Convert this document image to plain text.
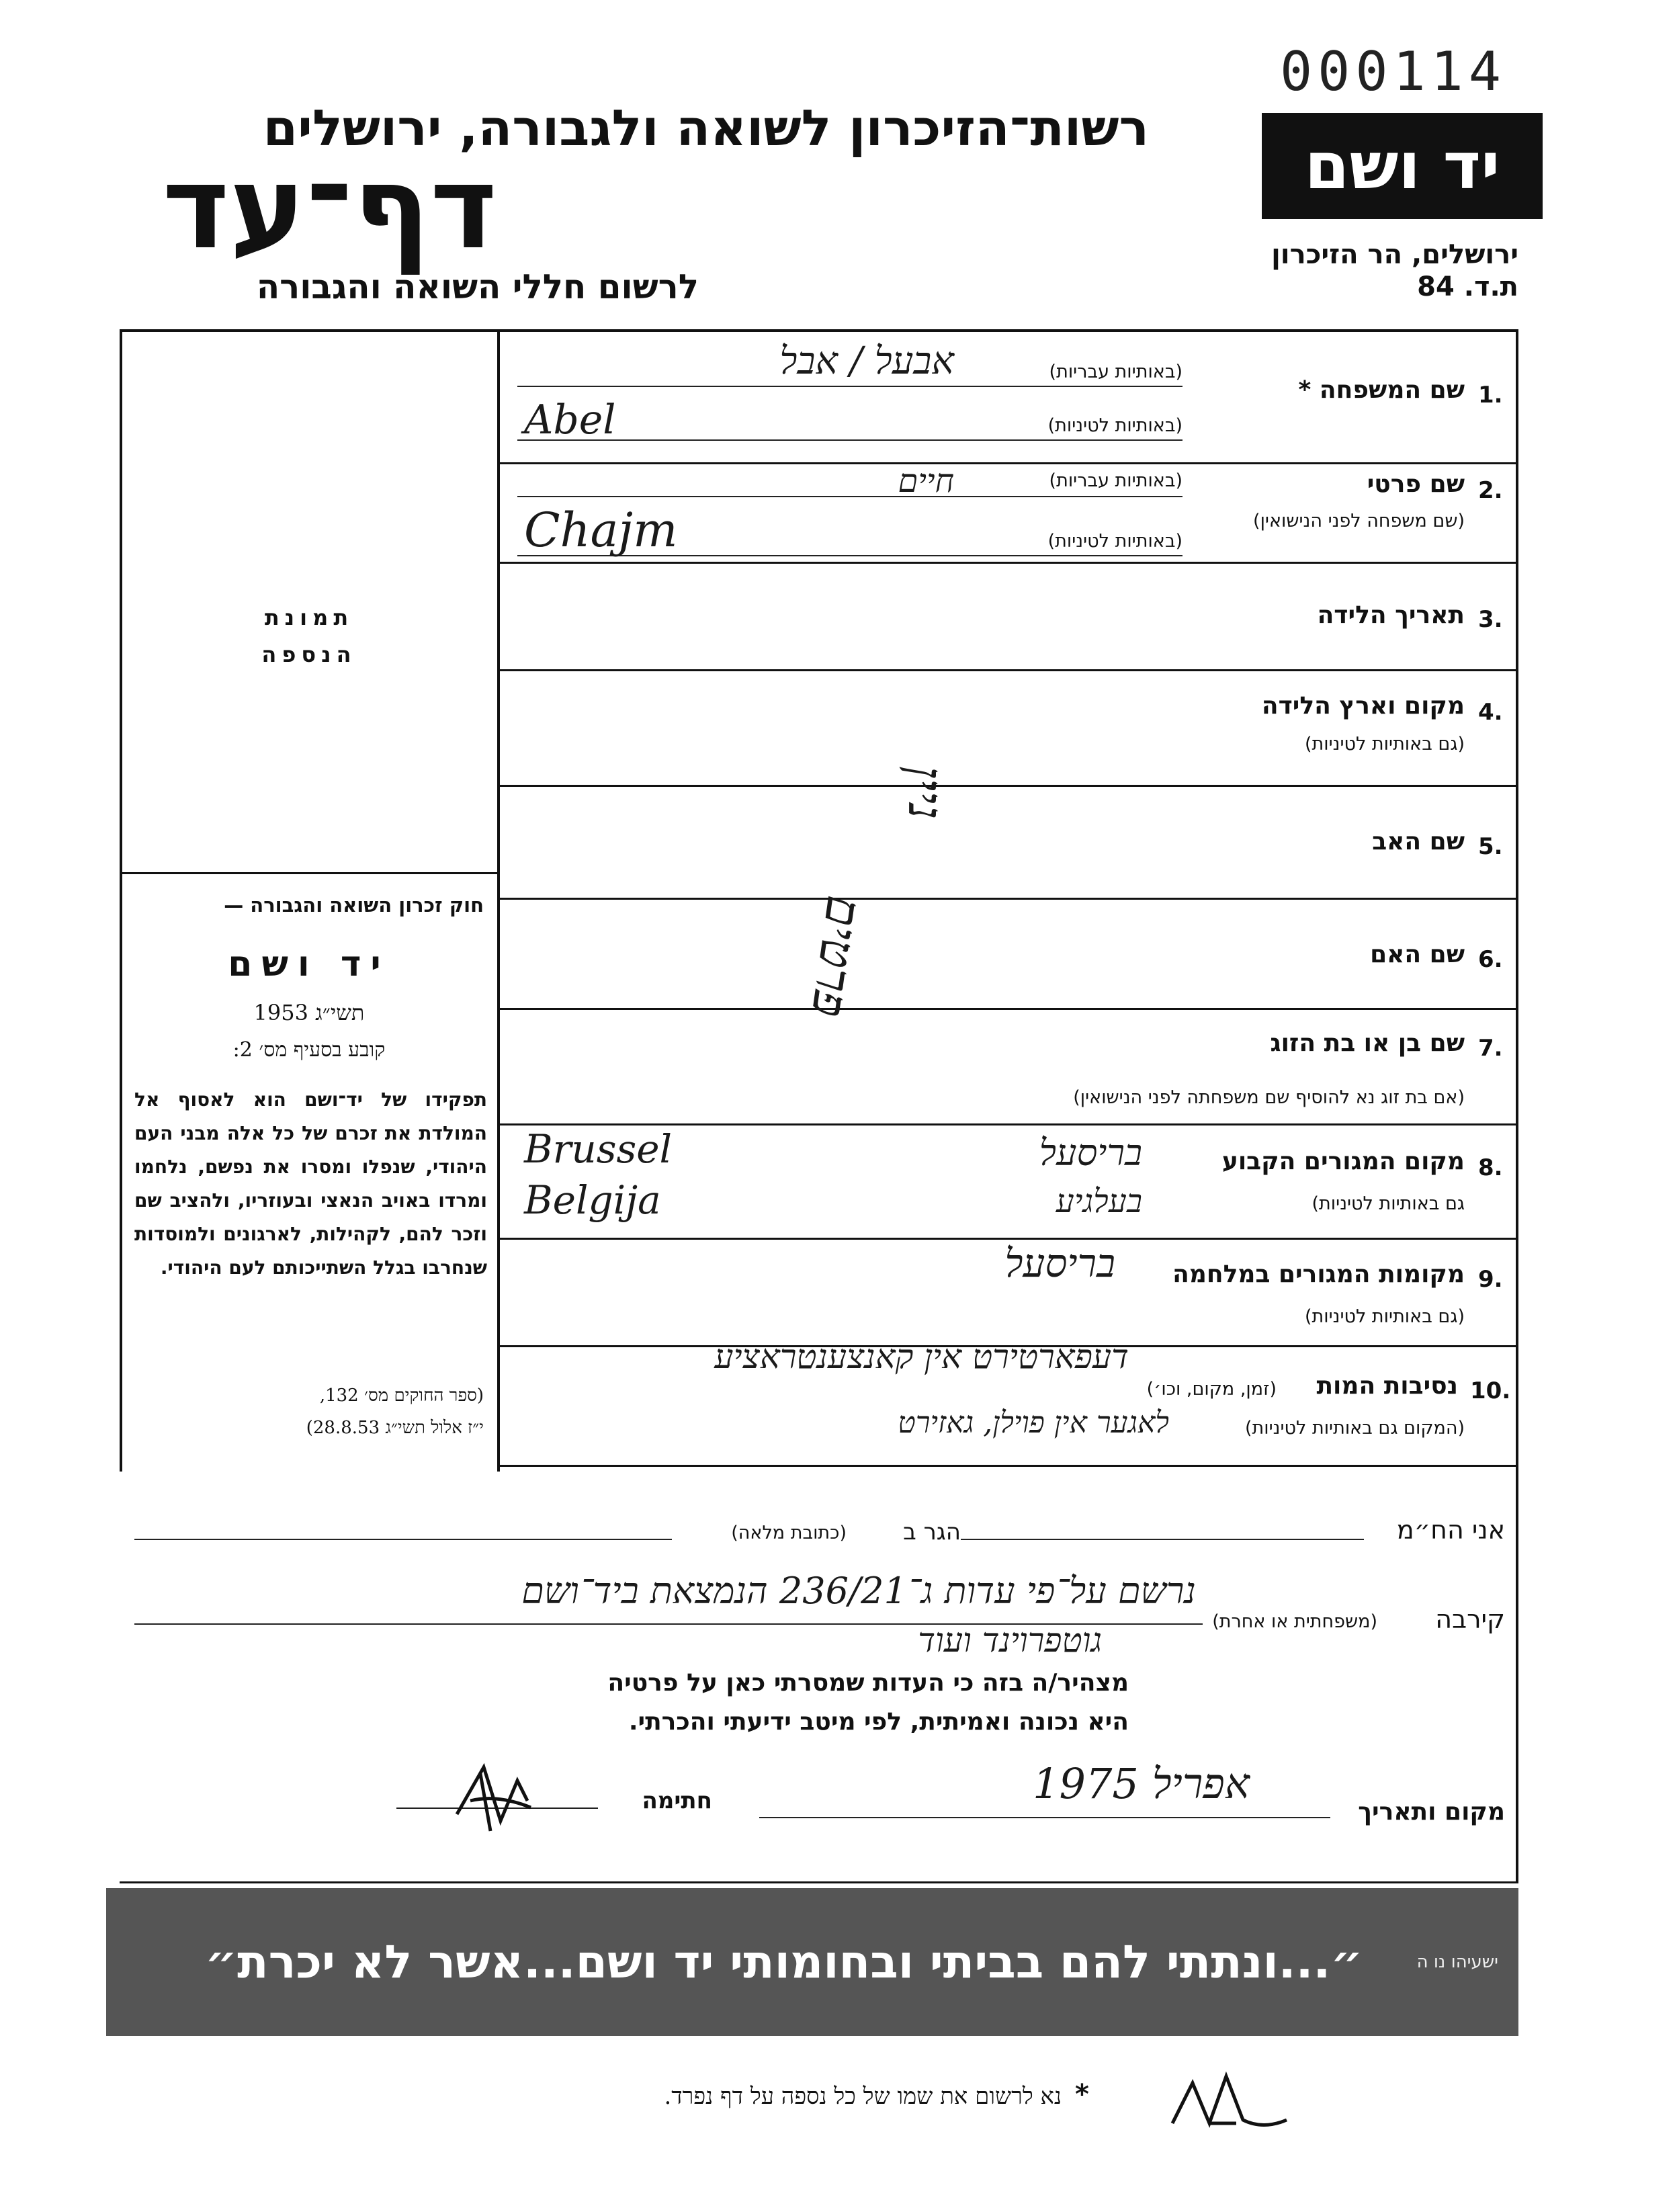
000114
רשות־הזיכרון לשואה ולגבורה, ירושלים
דף־עד
לרשום חללי השואה והגבורה
יד ושם
ירושלים, הר הזיכרון
ת.ד. 84
תמונת
הנספה
חוק זכרון השואה והגבורה —
יד ושם
תשי״ג 1953
קובע בסעיף מס׳ 2:
תפקידו של יד־ושם הוא לאסוף אל המולדת את זכרם של כל אלה מבני העם היהודי, שנפלו ומסרו את נפשם, נלחמו ומרדו באויב הנאצי ובעוזריו, ולהציב שם וזכר להם, לקהילות, לארגונים ולמוסדות שנחרבו בגלל השתייכותם לעם היהודי.
(ספר החוקים מס׳ 132,
י״ז אלול תשי״ג 28.8.53)
1.
שם המשפחה *
(באותיות עבריות)
אבעל / אבל
(באותיות לטיניות)
Abel
2.
שם פרטי
(שם משפחה לפני הנישואין)
(באותיות עבריות)
חיים
(באותיות לטיניות)
Chajm
3.
תאריך הלידה
4.
מקום וארץ הלידה
(גם באותיות לטיניות)
5.
שם האב
6.
שם האם
7.
שם בן או בת הזוג
(אם בת זוג נא להוסיף שם משפחתה לפני הנישואין)
ניין
פרטים
8.
מקום המגורים הקבוע
גם באותיות לטיניות)
בריסעל
בעלגיע
Brussel
Belgija
9.
מקומות המגורים במלחמה
(גם באותיות לטיניות)
בריסעל
10.
נסיבות המות
(זמן, מקום, וכו׳)
(המקום גם באותיות לטיניות)
דעפארטירט אין קאנצענטראציע
לאגער אין פוילן, גאזירט
אני הח״מ
הגר ב
(כתובת מלאה)
קירבה
(משפחתית או אחרת)
נרשם על־פי עדות ג־236/21 הנמצאת ביד־ושם
גוטפרוינד ועוד
מצהיר/ה בזה כי העדות שמסרתי כאן על פרטיה
היא נכונה ואמיתית, לפי מיטב ידיעתי והכרתי.
מקום ותאריך
אפריל 1975
חתימה
״...ונתתי להם בביתי ובחומותי יד ושם...אשר לא יכרת״	ישעיהו נו ה
נא לרשום את שמו של כל נספה על דף נפרד. *
